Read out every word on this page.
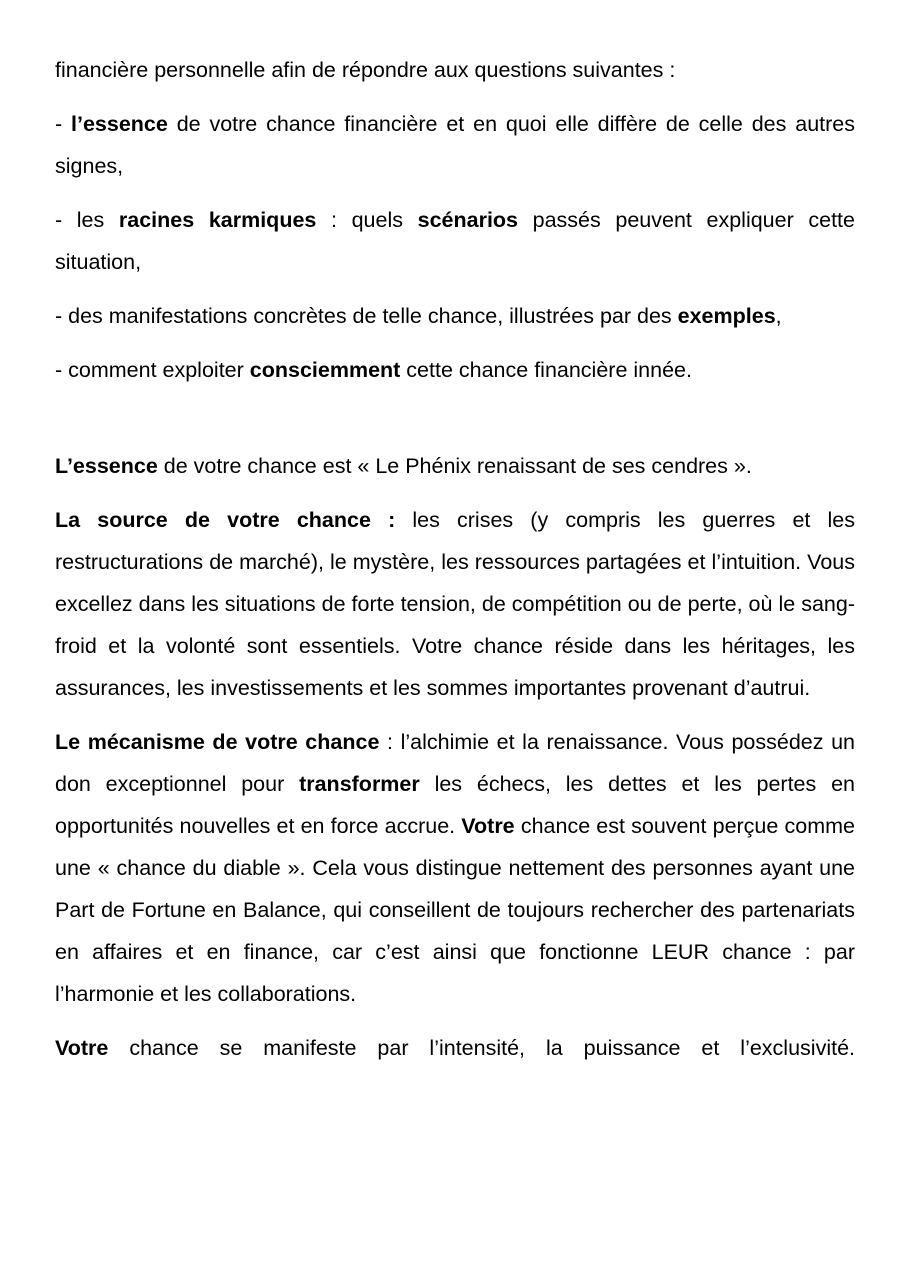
financière personnelle afin de répondre aux questions suivantes :

- l’essence de votre chance financière et en quoi elle diffère de celle des autres signes,

- les racines karmiques : quels scénarios passés peuvent expliquer cette situation,

- des manifestations concrètes de telle chance, illustrées par des exemples,

- comment exploiter consciemment cette chance financière innée.

L’essence de votre chance est « Le Phénix renaissant de ses cendres ».

La source de votre chance : les crises (y compris les guerres et les restructurations de marché), le mystère, les ressources partagées et l’intuition. Vous excellez dans les situations de forte tension, de compétition ou de perte, où le sang-froid et la volonté sont essentiels. Votre chance réside dans les héritages, les assurances, les investissements et les sommes importantes provenant d’autrui.

Le mécanisme de votre chance : l’alchimie et la renaissance. Vous possédez un don exceptionnel pour transformer les échecs, les dettes et les pertes en opportunités nouvelles et en force accrue. Votre chance est souvent perçue comme une « chance du diable ». Cela vous distingue nettement des personnes ayant une Part de Fortune en Balance, qui conseillent de toujours rechercher des partenariats en affaires et en finance, car c’est ainsi que fonctionne LEUR chance : par l’harmonie et les collaborations.

Votre chance se manifeste par l’intensité, la puissance et l’exclusivité.
